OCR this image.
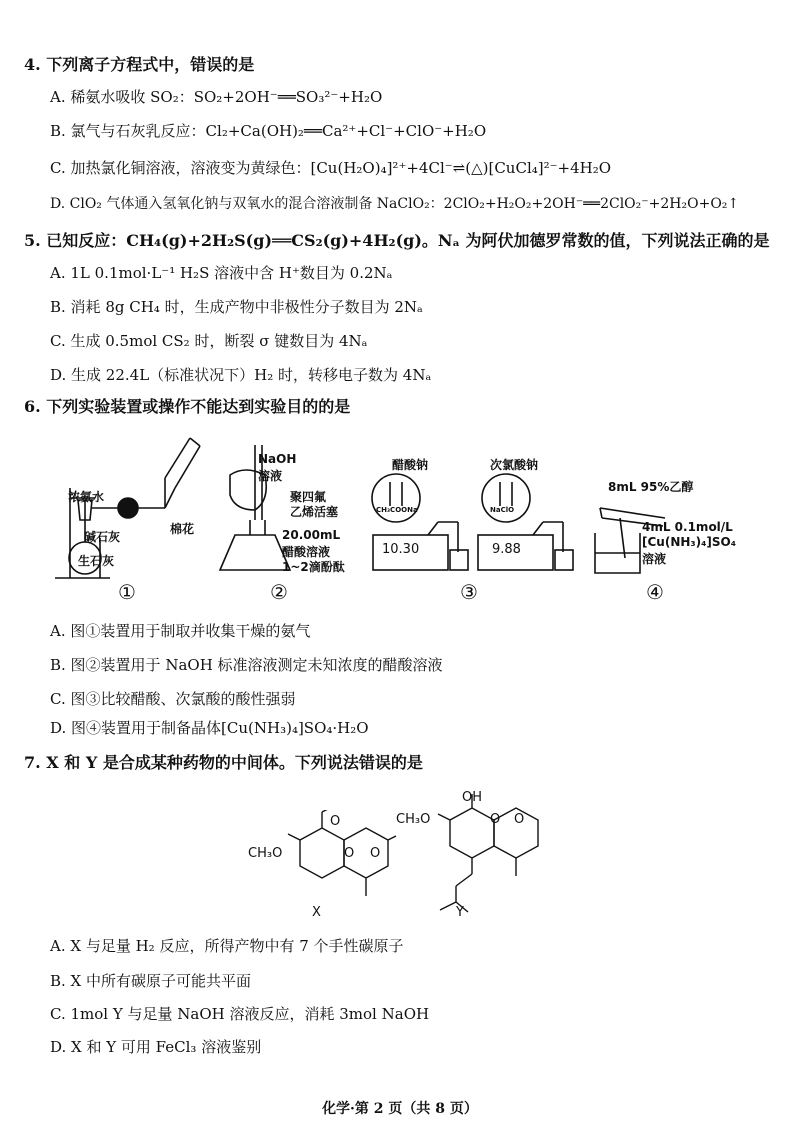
4. 下列离子方程式中，错误的是
A. 稀氨水吸收 SO₂：SO₂+2OH⁻══SO₃²⁻+H₂O
B. 氯气与石灰乳反应：Cl₂+Ca(OH)₂══Ca²⁺+Cl⁻+ClO⁻+H₂O
C. 加热氯化铜溶液，溶液变为黄绿色：[Cu(H₂O)₄]²⁺+4Cl⁻⇌(△)[CuCl₄]²⁻+4H₂O
D. ClO₂ 气体通入氢氧化钠与双氧水的混合溶液制备 NaClO₂：2ClO₂+H₂O₂+2OH⁻══2ClO₂⁻+2H₂O+O₂↑
5. 已知反应：CH₄(g)+2H₂S(g)══CS₂(g)+4H₂(g)。Nₐ 为阿伏加德罗常数的值，下列说法正确的是
A. 1L 0.1mol·L⁻¹ H₂S 溶液中含 H⁺数目为 0.2Nₐ
B. 消耗 8g CH₄ 时，生成产物中非极性分子数目为 2Nₐ
C. 生成 0.5mol CS₂ 时，断裂 σ 键数目为 4Nₐ
D. 生成 22.4L（标准状况下）H₂ 时，转移电子数为 4Nₐ
6. 下列实验装置或操作不能达到实验目的的是
浓氨水
碱石灰
生石灰
棉花
NaOH
溶液
聚四氟
乙烯活塞
20.00mL
醋酸溶液
1~2滴酚酞
醋酸钠
CH₃COONa
10.30
次氯酸钠
NaClO
9.88
8mL 95%乙醇
4mL 0.1mol/L
[Cu(NH₃)₄]SO₄
溶液
①	②	③	④
A. 图①装置用于制取并收集干燥的氨气
B. 图②装置用于 NaOH 标准溶液测定未知浓度的醋酸溶液
C. 图③比较醋酸、次氯酸的酸性强弱
D. 图④装置用于制备晶体[Cu(NH₃)₄]SO₄·H₂O
7. X 和 Y 是合成某种药物的中间体。下列说法错误的是
CH₃O
O
O O
X
OH
CH₃O	O O
Y
A. X 与足量 H₂ 反应，所得产物中有 7 个手性碳原子
B. X 中所有碳原子可能共平面
C. 1mol Y 与足量 NaOH 溶液反应，消耗 3mol NaOH
D. X 和 Y 可用 FeCl₃ 溶液鉴别
化学·第 2 页（共 8 页）
